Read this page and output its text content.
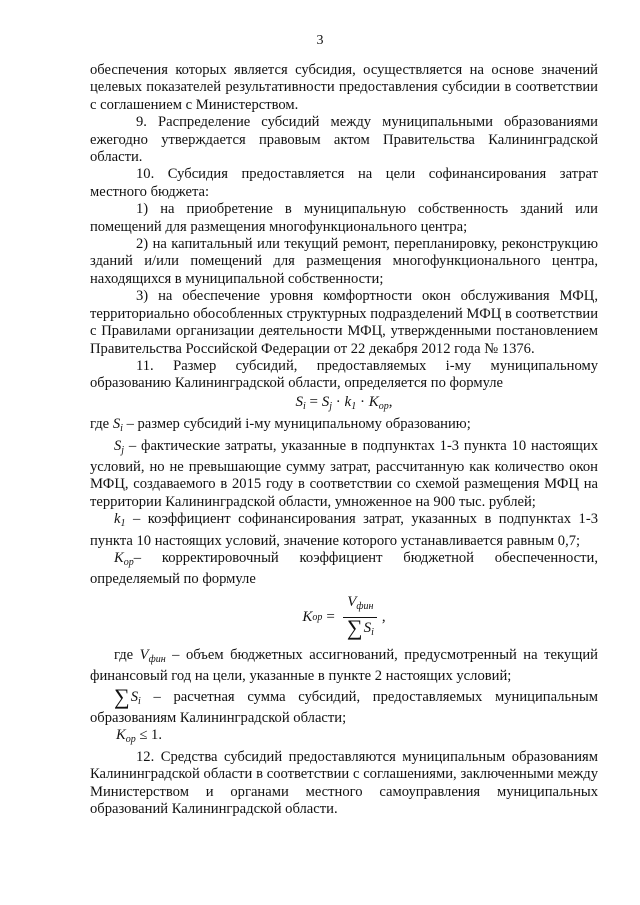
3

обеспечения которых является субсидия, осуществляется на основе значений целевых показателей результативности предоставления субсидии в соответствии с соглашением с Министерством.

9. Распределение субсидий между муниципальными образованиями ежегодно утверждается правовым актом Правительства Калининградской области.

10. Субсидия предоставляется на цели софинансирования затрат местного бюджета:

1) на приобретение в муниципальную собственность зданий или помещений для размещения многофункционального центра;

2) на капитальный или текущий ремонт, перепланировку, реконструкцию зданий и/или помещений для размещения многофункционального центра, находящихся в муниципальной собственности;

3) на обеспечение уровня комфортности окон обслуживания МФЦ, территориально обособленных структурных подразделений МФЦ в соответствии с Правилами организации деятельности МФЦ, утвержденными постановлением Правительства Российской Федерации от 22 декабря 2012 года № 1376.

11. Размер субсидий, предоставляемых i-му муниципальному образованию Калининградской области, определяется по формуле

$S_i = S_j \cdot k_1 \cdot K_{ор}$,

где $S_i$ – размер субсидий i-му муниципальному образованию;

$S_j$ – фактические затраты, указанные в подпунктах 1-3 пункта 10 настоящих условий, но не превышающие сумму затрат, рассчитанную как количество окон МФЦ, создаваемого в 2015 году в соответствии со схемой размещения МФЦ на территории Калининградской области, умноженное на 900 тыс. рублей;

$k_1$ – коэффициент софинансирования затрат, указанных в подпунктах 1-3 пункта 10 настоящих условий, значение которого устанавливается равным 0,7;

$K_{ор}-$ корректировочный коэффициент бюджетной обеспеченности, определяемый по формуле

K ор = $\frac{V_{фин}}{\sum S_i}$ ,

где $V_{фин}$ – объем бюджетных ассигнований, предусмотренный на текущий финансовый год на цели, указанные в пункте 2 настоящих условий;

$\sum S_i$ – расчетная сумма субсидий, предоставляемых муниципальным образованиям Калининградской области;

$K_{ор} \le 1$.

12. Средства субсидий предоставляются муниципальным образованиям Калининградской области в соответствии с соглашениями, заключенными между Министерством и органами местного самоуправления муниципальных образований Калининградской области.
